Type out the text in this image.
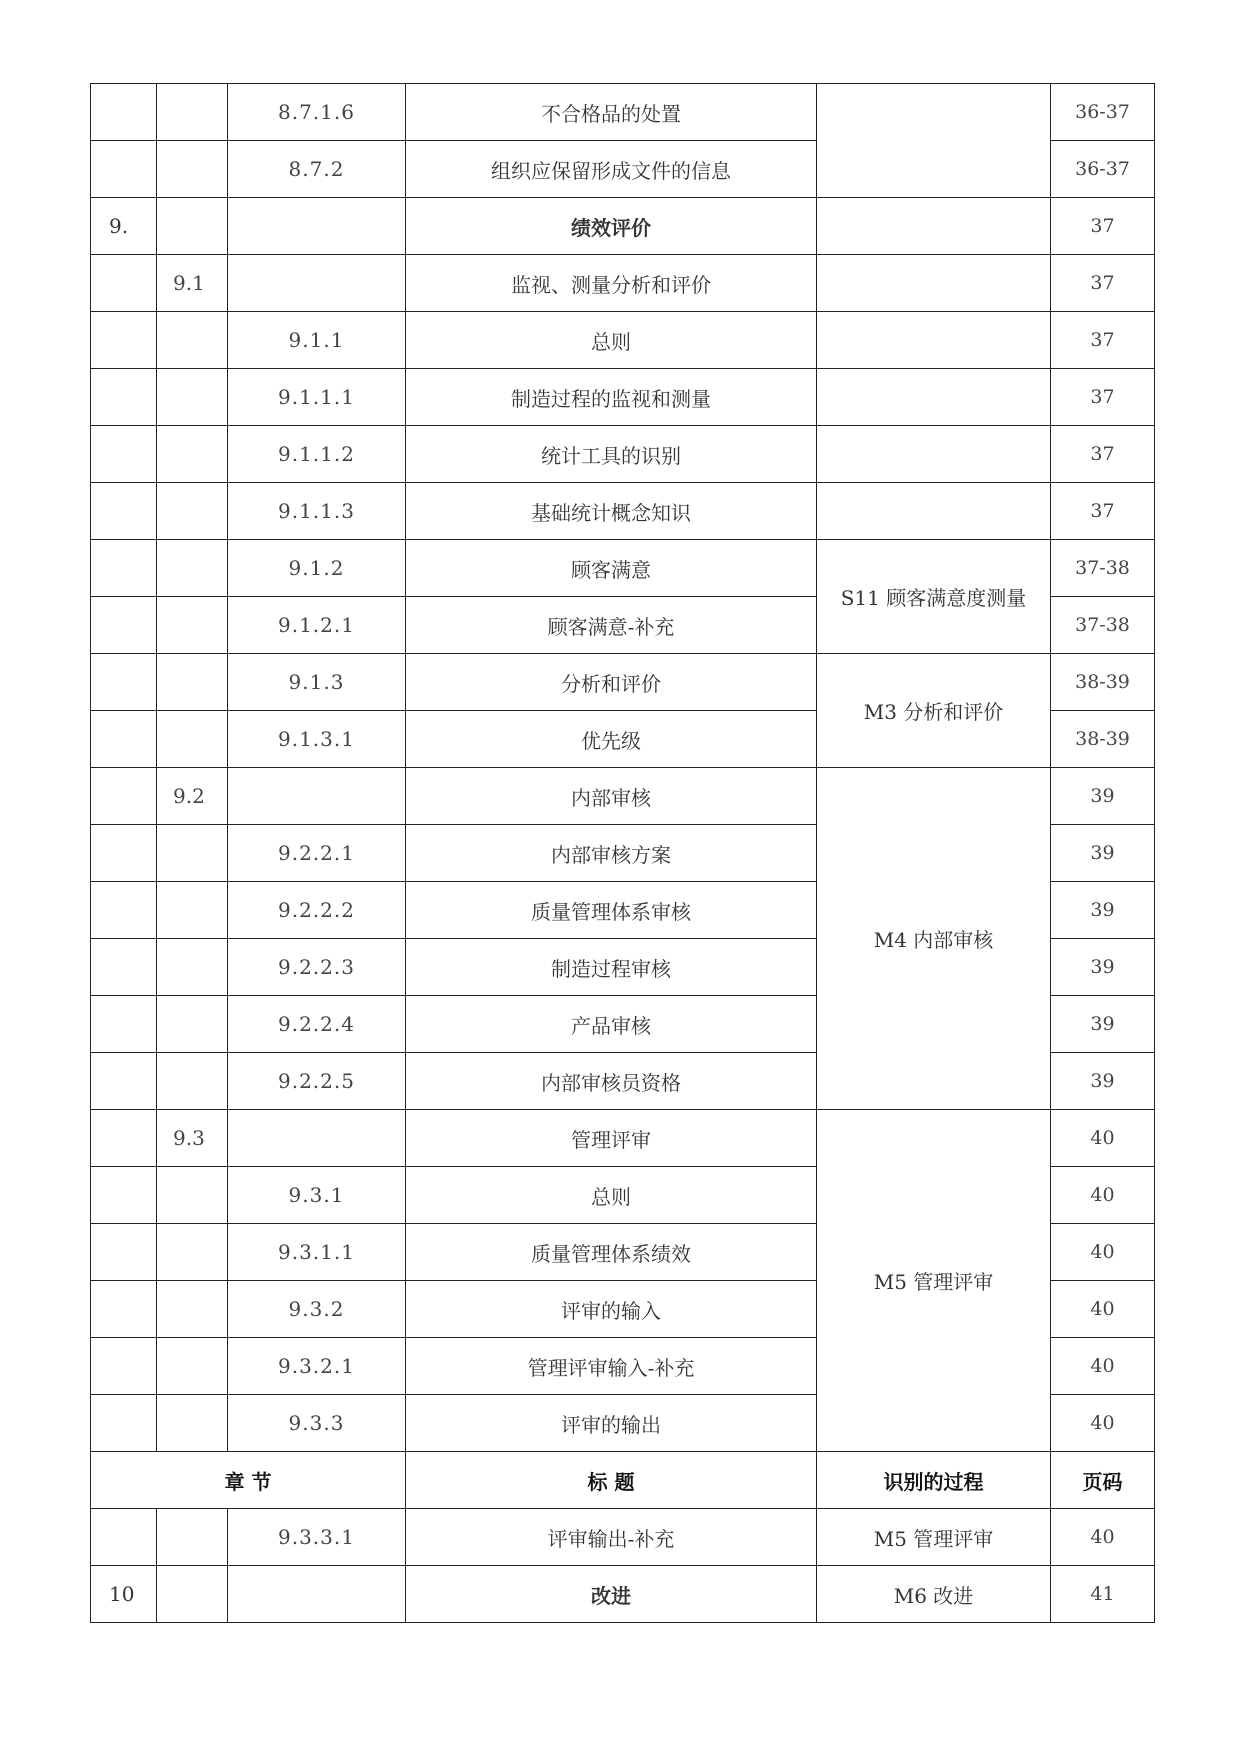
		8.7.1.6	不合格品的处置		36-37
		8.7.2	组织应保留形成文件的信息		36-37
9.			绩效评价		37
	9.1		监视、测量分析和评价		37
		9.1.1	总则		37
		9.1.1.1	制造过程的监视和测量		37
		9.1.1.2	统计工具的识别		37
		9.1.1.3	基础统计概念知识		37
		9.1.2	顾客满意	S11 顾客满意度测量	37-38
		9.1.2.1	顾客满意-补充		37-38
		9.1.3	分析和评价	M3 分析和评价	38-39
		9.1.3.1	优先级		38-39
	9.2		内部审核	M4 内部审核	39
		9.2.2.1	内部审核方案		39
		9.2.2.2	质量管理体系审核		39
		9.2.2.3	制造过程审核		39
		9.2.2.4	产品审核		39
		9.2.2.5	内部审核员资格		39
	9.3		管理评审	M5 管理评审	40
		9.3.1	总则		40
		9.3.1.1	质量管理体系绩效		40
		9.3.2	评审的输入		40
		9.3.2.1	管理评审输入-补充		40
		9.3.3	评审的输出		40
章 节			标 题	识别的过程	页码
		9.3.3.1	评审输出-补充	M5 管理评审	40
10			改进	M6 改进	41
